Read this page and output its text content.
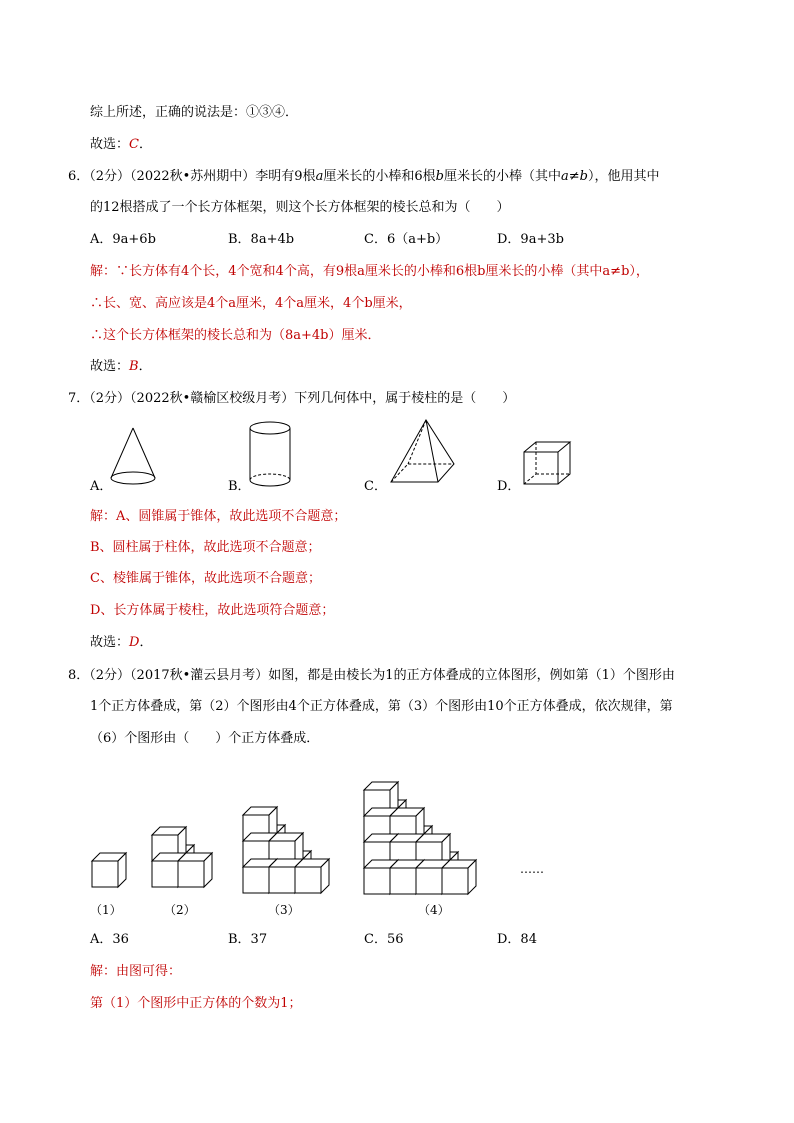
综上所述，正确的说法是：①③④．
故选：C．
6．（2分）（2022秋•苏州期中）李明有9根a厘米长的小棒和6根b厘米长的小棒（其中a≠b），他用其中
的12根搭成了一个长方体框架，则这个长方体框架的棱长总和为（　　）
A．9a+6b	B．8a+4b	C．6（a+b）	D．9a+3b
解：∵长方体有4个长，4个宽和4个高，有9根a厘米长的小棒和6根b厘米长的小棒（其中a≠b），
∴长、宽、高应该是4个a厘米，4个a厘米，4个b厘米，
∴这个长方体框架的棱长总和为（8a+4b）厘米．
故选：B．
7．（2分）（2022秋•赣榆区校级月考）下列几何体中，属于棱柱的是（　　）
A．	B．	C．	D．
解：A、圆锥属于锥体，故此选项不合题意；
B、圆柱属于柱体，故此选项不合题意；
C、棱锥属于锥体，故此选项不合题意；
D、长方体属于棱柱，故此选项符合题意；
故选：D．
8．（2分）（2017秋•灌云县月考）如图，都是由棱长为1的正方体叠成的立体图形，例如第（1）个图形由
1个正方体叠成，第（2）个图形由4个正方体叠成，第（3）个图形由10个正方体叠成，依次规律，第
（6）个图形由（　　）个正方体叠成．
（1）	（2）	（3）	（4）
……
A．36	B．37	C．56	D．84
解：由图可得：
第（1）个图形中正方体的个数为1；
